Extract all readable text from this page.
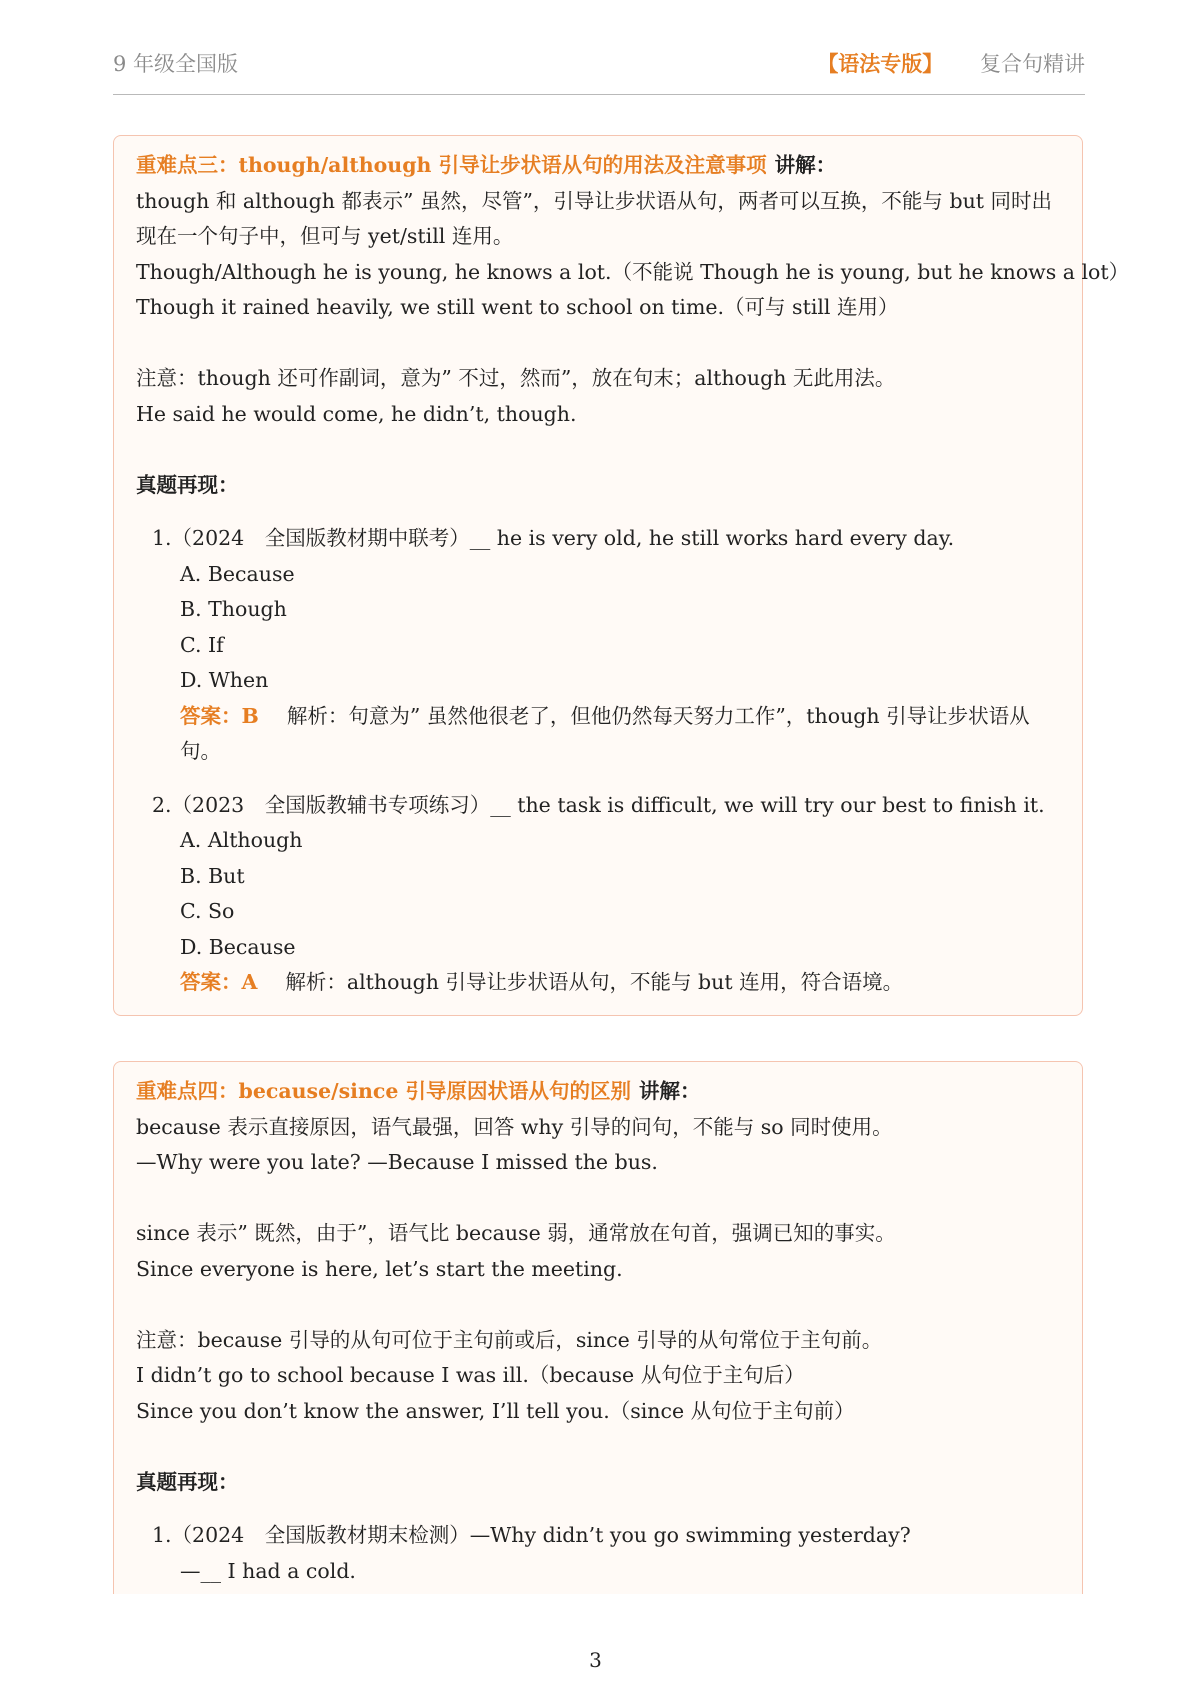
9 年级全国版	【语法专版】 复合句精讲
重难点三：though/although 引导让步状语从句的用法及注意事项 讲解：
though 和 although 都表示” 虽然，尽管”，引导让步状语从句，两者可以互换，不能与 but 同时出
现在一个句子中，但可与 yet/still 连用。
Though/Although he is young, he knows a lot.（不能说 Though he is young, but he knows a lot）
Though it rained heavily, we still went to school on time.（可与 still 连用）
注意：though 还可作副词，意为” 不过，然而”，放在句末；although 无此用法。
He said he would come, he didn’t, though.
真题再现：
1.（2024　全国版教材期中联考）__ he is very old, he still works hard every day.
A. Because
B. Though
C. If
D. When
答案：B 解析：句意为” 虽然他很老了，但他仍然每天努力工作”，though 引导让步状语从句。
2.（2023　全国版教辅书专项练习）__ the task is difficult, we will try our best to finish it.
A. Although
B. But
C. So
D. Because
答案：A 解析：although 引导让步状语从句，不能与 but 连用，符合语境。
重难点四：because/since 引导原因状语从句的区别 讲解：
because 表示直接原因，语气最强，回答 why 引导的问句，不能与 so 同时使用。
—Why were you late? —Because I missed the bus.
since 表示” 既然，由于”，语气比 because 弱，通常放在句首，强调已知的事实。
Since everyone is here, let’s start the meeting.
注意：because 引导的从句可位于主句前或后，since 引导的从句常位于主句前。
I didn’t go to school because I was ill.（because 从句位于主句后）
Since you don’t know the answer, I’ll tell you.（since 从句位于主句前）
真题再现：
1.（2024　全国版教材期末检测）—Why didn’t you go swimming yesterday?
—__ I had a cold.
3
